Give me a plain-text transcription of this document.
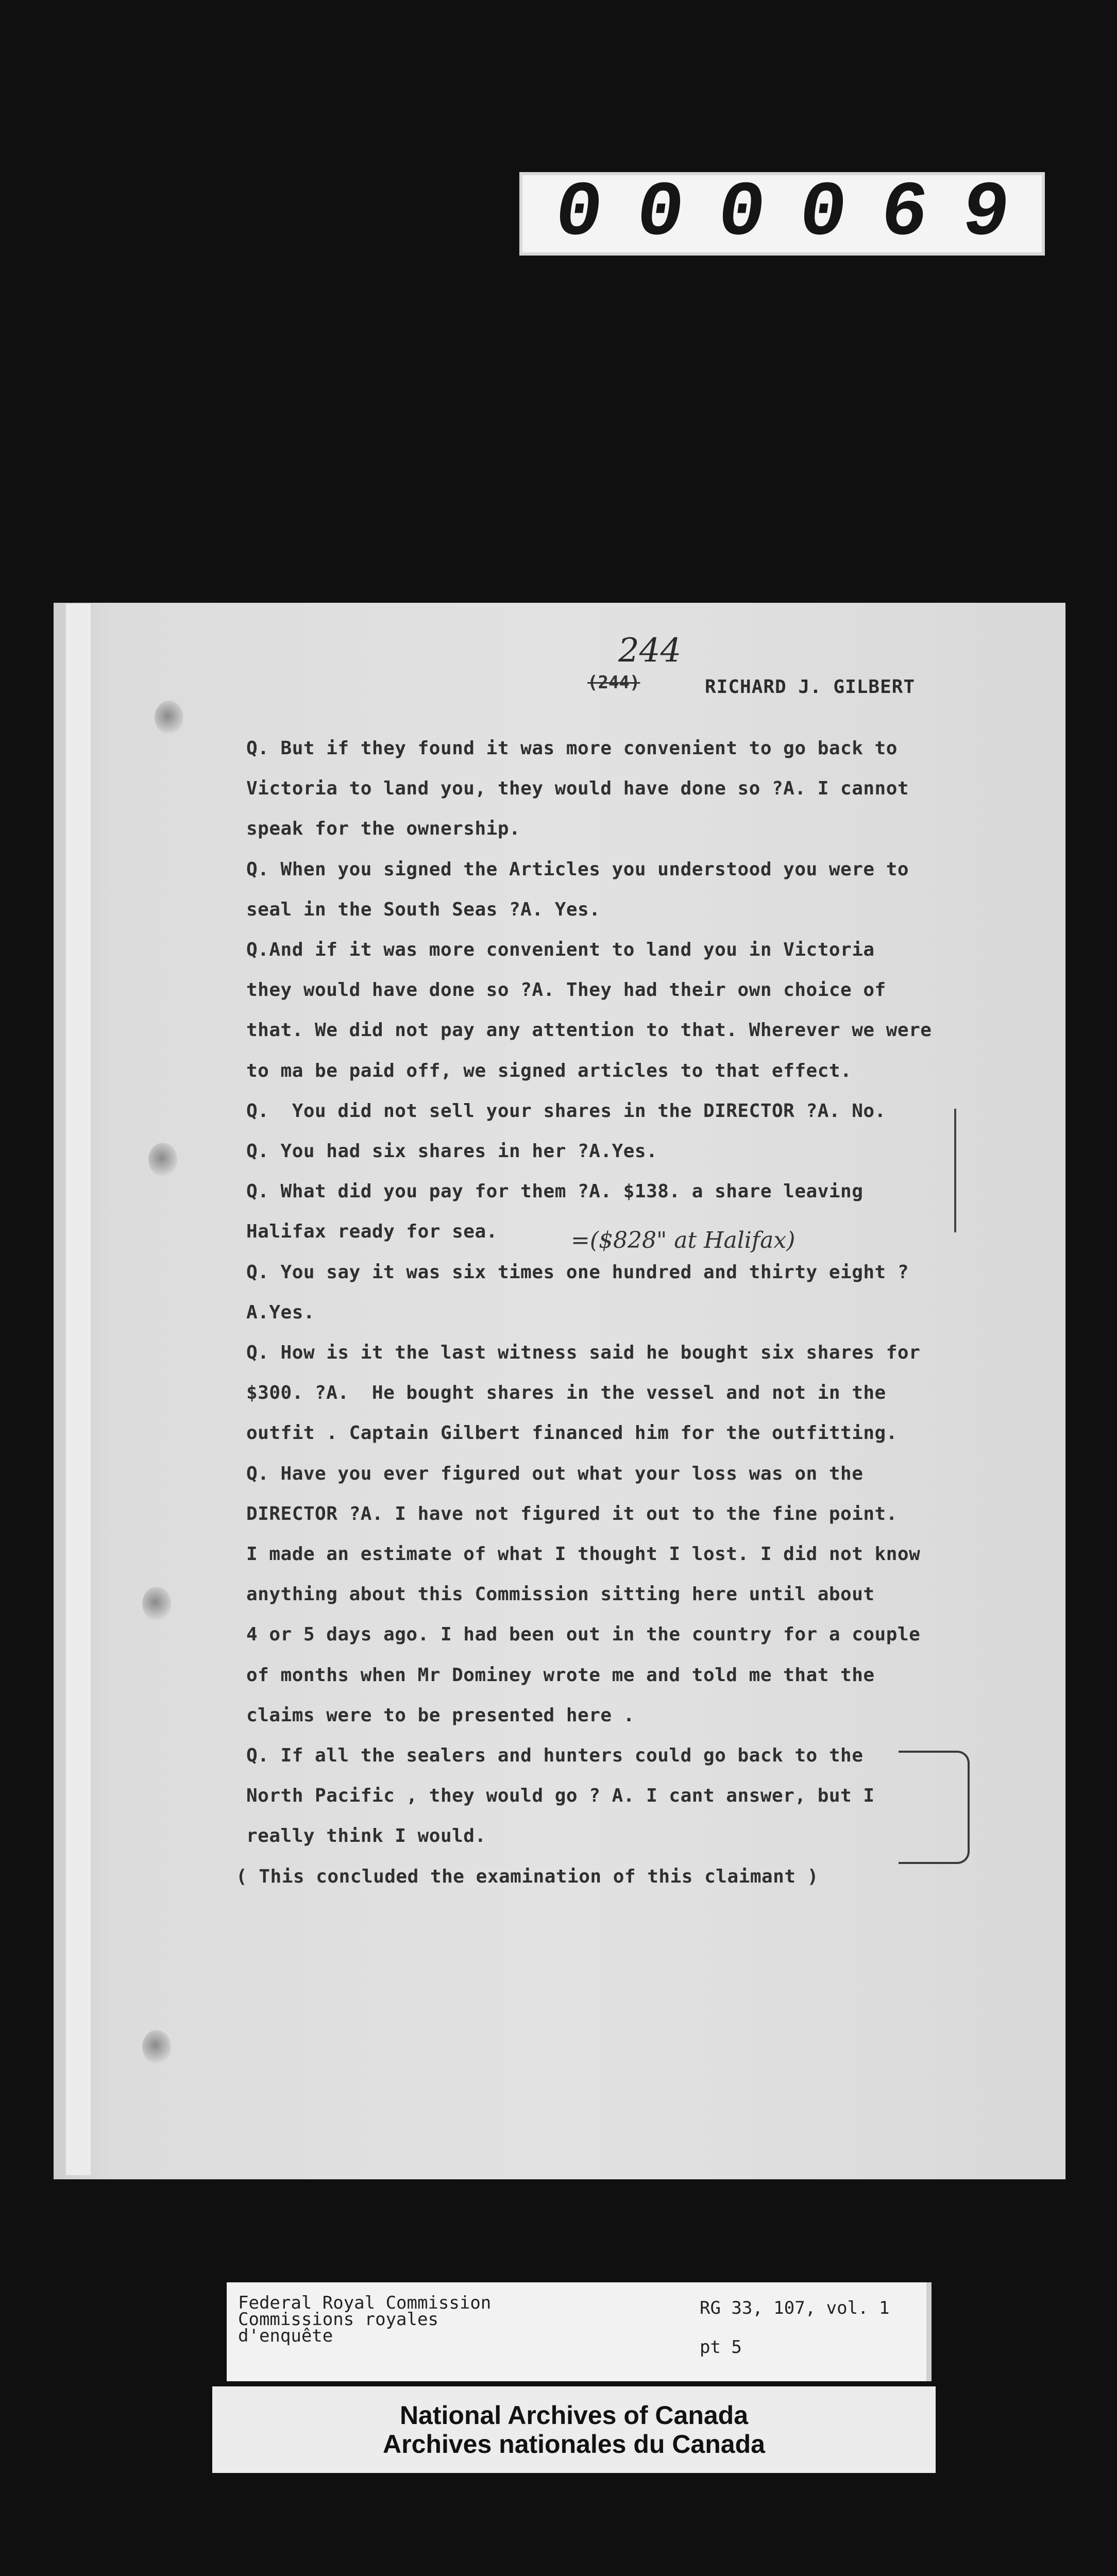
0 0 0 0 6 9
244
(244)	RICHARD J. GILBERT
Q. But if they found it was more convenient to go back to
Victoria to land you, they would have done so ?A. I cannot
speak for the ownership.
Q. When you signed the Articles you understood you were to
seal in the South Seas ?A. Yes.
Q.And if it was more convenient to land you in Victoria
they would have done so ?A. They had their own choice of
that. We did not pay any attention to that. Wherever we were
to ma be paid off, we signed articles to that effect.
Q.  You did not sell your shares in the DIRECTOR ?A. No.
Q. You had six shares in her ?A.Yes.
Q. What did you pay for them ?A. $138. a share leaving
Halifax ready for sea.
Q. You say it was six times one hundred and thirty eight ?
A.Yes.
Q. How is it the last witness said he bought six shares for
$300. ?A.  He bought shares in the vessel and not in the
outfit . Captain Gilbert financed him for the outfitting.
Q. Have you ever figured out what your loss was on the
DIRECTOR ?A. I have not figured it out to the fine point.
I made an estimate of what I thought I lost. I did not know
anything about this Commission sitting here until about
4 or 5 days ago. I had been out in the country for a couple
of months when Mr Dominey wrote me and told me that the
claims were to be presented here .
Q. If all the sealers and hunters could go back to the
North Pacific , they would go ? A. I cant answer, but I
really think I would.
( This concluded the examination of this claimant )
=($828" at Halifax)
Federal Royal Commission
Commissions royales
d'enquête
RG 33, 107, vol. 1
pt 5
National Archives of Canada
Archives nationales du Canada
